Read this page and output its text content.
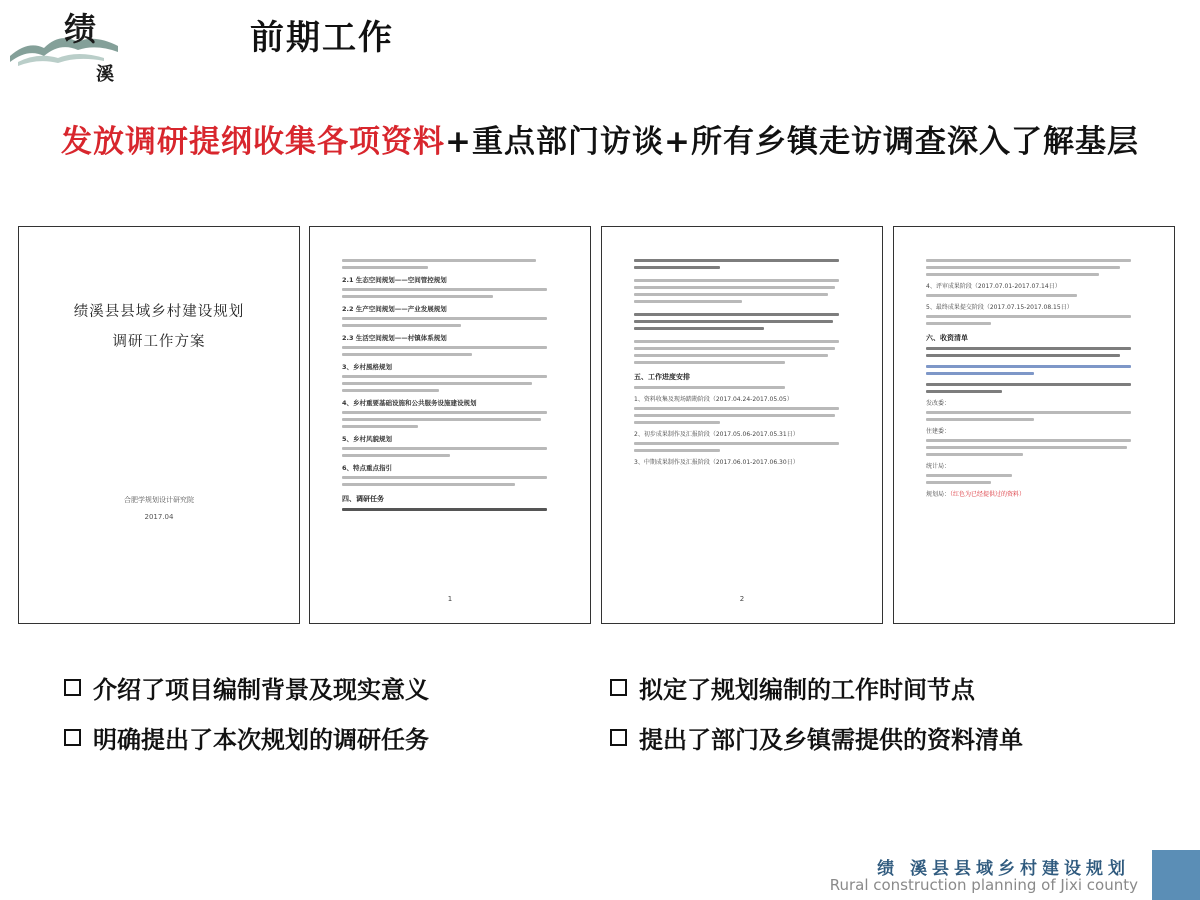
绩
溪
前期工作
发放调研提纲收集各项资料+重点部门访谈+所有乡镇走访调查深入了解基层
绩溪县县域乡村建设规划
调研工作方案
合肥学规划设计研究院
2017.04
2.1 生态空间规划——空间管控规划
2.2 生产空间规划——产业发展规划
2.3 生活空间规划——村镇体系规划
3、乡村風格规划
4、乡村重要基础设施和公共服务设施建设规划
5、乡村风貌规划
6、特点重点指引
四、调研任务
1
五、工作进度安排
1、资料收集及现场踏勘阶段（2017.04.24-2017.05.05）
2、初步成果制作及汇报阶段（2017.05.06-2017.05.31日）
3、中期成果制作及汇报阶段（2017.06.01-2017.06.30日）
2
4、评审成果阶段（2017.07.01-2017.07.14日）
5、最终成果提交阶段（2017.07.15-2017.08.15日）
六、收资清单
发改委：
住建委：
统计局：
规划局：（红色为已经提供过的资料）
介绍了项目编制背景及现实意义	拟定了规划编制的工作时间节点
明确提出了本次规划的调研任务	提出了部门及乡镇需提供的资料清单
绩 溪县县域乡村建设规划
Rural construction planning of Jixi county
